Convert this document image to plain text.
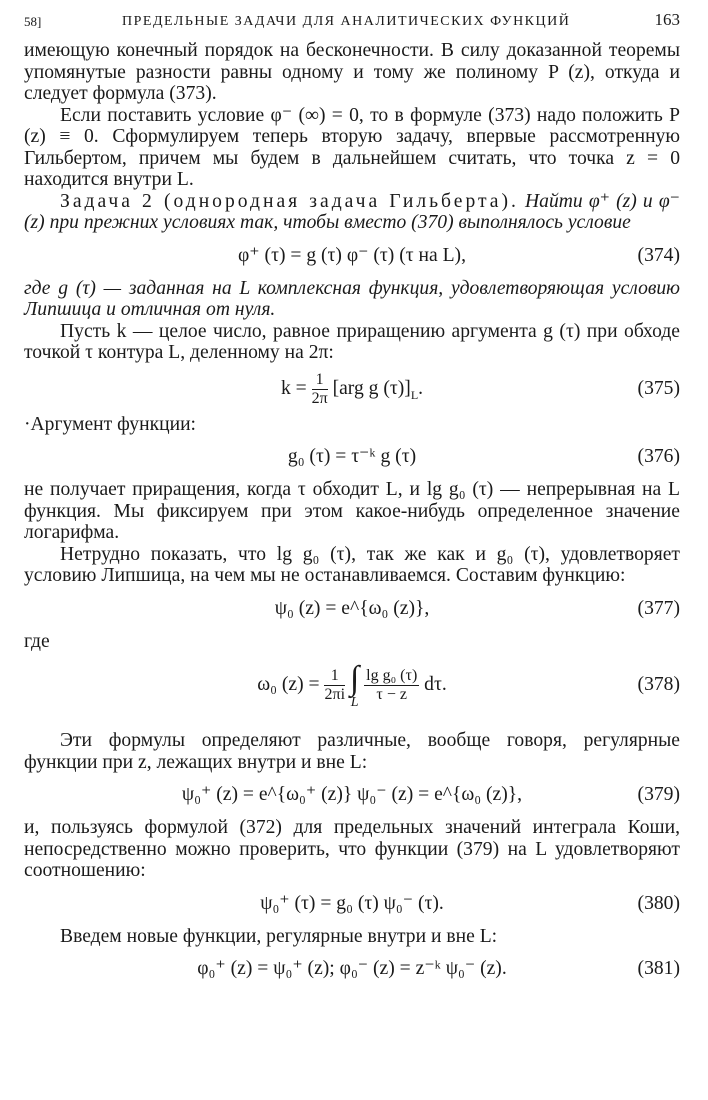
58]	ПРЕДЕЛЬНЫЕ ЗАДАЧИ ДЛЯ АНАЛИТИЧЕСКИХ ФУНКЦИЙ	163

имеющую конечный порядок на бесконечности. В силу доказанной теоремы упомянутые разности равны одному и тому же полиному P (z), откуда и следует формула (373).

Если поставить условие φ⁻ (∞) = 0, то в формуле (373) надо положить P (z) ≡ 0. Сформулируем теперь вторую задачу, впервые рассмотренную Гильбертом, причем мы будем в дальнейшем считать, что точка z = 0 находится внутри L.

Задача 2 (однородная задача Гильберта). Найти φ⁺ (z) и φ⁻ (z) при прежних условиях так, чтобы вместо (370) выполнялось условие

φ⁺ (τ) = g (τ) φ⁻ (τ) (τ на L),	(374)

где g (τ) — заданная на L комплексная функция, удовлетворяющая условию Липшица и отличная от нуля.

Пусть k — целое число, равное приращению аргумента g (τ) при обходе точкой τ контура L, деленному на 2π:

$k = \frac{1}{2\pi} [arg$ g $(\tau)]_L$.	(375)

·Аргумент функции:

g₀ (τ) = τ⁻ᵏ g (τ)	(376)

не получает приращения, когда τ обходит L, и lg g₀ (τ) — непрерывная на L функция. Мы фиксируем при этом какое-нибудь определенное значение логарифма.

Нетрудно показать, что lg g₀ (τ), так же как и g₀ (τ), удовлетворяет условию Липшица, на чем мы не останавливаемся. Составим функцию:

ψ₀ (z) = e^{ω₀ (z)},	(377)

где

ω₀ $(z) = \frac{1}{2\pi i}$
∫
L
$\frac{\text{lg g₀ (τ)}}{\tau - z} d\tau$.	(378)

Эти формулы определяют различные, вообще говоря, регулярные функции при z, лежащих внутри и вне L:

ψ₀⁺ (z) = e^{ω₀⁺ (z)} ψ₀⁻ (z) = e^{ω₀ (z)},	(379)

и, пользуясь формулой (372) для предельных значений интеграла Коши, непосредственно можно проверить, что функции (379) на L удовлетворяют соотношению:

ψ₀⁺ (τ) = g₀ (τ) ψ₀⁻ (τ).	(380)

Введем новые функции, регулярные внутри и вне L:

φ₀⁺ (z) = ψ₀⁺ (z); φ₀⁻ (z) = z⁻ᵏ ψ₀⁻ (z).	(381)
